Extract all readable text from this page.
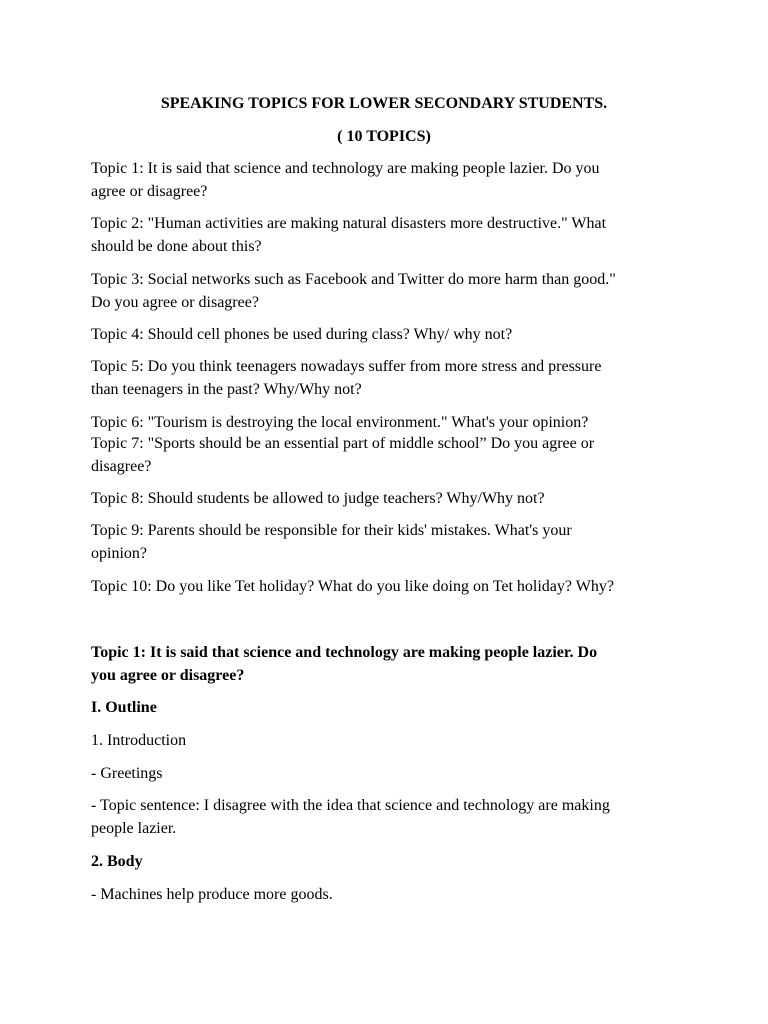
SPEAKING TOPICS FOR LOWER SECONDARY STUDENTS.

( 10 TOPICS)

Topic 1: It is said that science and technology are making people lazier. Do you

agree or disagree?

Topic 2: "Human activities are making natural disasters more destructive." What

should be done about this?

Topic 3: Social networks such as Facebook and Twitter do more harm than good."

Do you agree or disagree?

Topic 4: Should cell phones be used during class? Why/ why not?

Topic 5: Do you think teenagers nowadays suffer from more stress and pressure

than teenagers in the past? Why/Why not?

Topic 6: "Tourism is destroying the local environment." What's your opinion?

Topic 7: "Sports should be an essential part of middle school” Do you agree or

disagree?

Topic 8: Should students be allowed to judge teachers? Why/Why not?

Topic 9: Parents should be responsible for their kids' mistakes. What's your

opinion?

Topic 10: Do you like Tet holiday? What do you like doing on Tet holiday? Why?

Topic 1: It is said that science and technology are making people lazier. Do

you agree or disagree?

I. Outline

1. Introduction

- Greetings

- Topic sentence: I disagree with the idea that science and technology are making

people lazier.

2. Body

- Machines help produce more goods.
